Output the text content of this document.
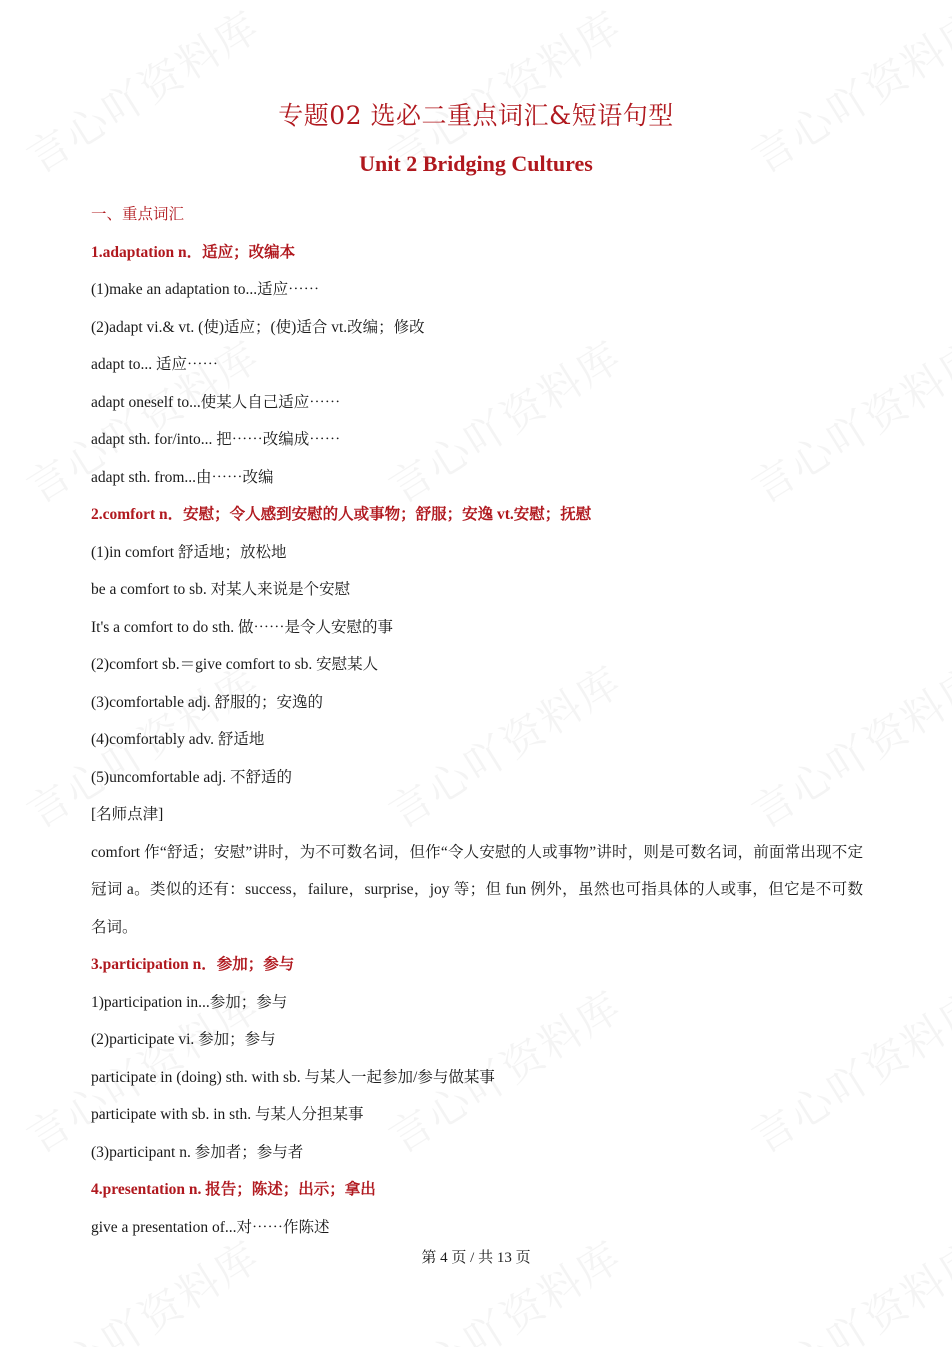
专题02 选必二重点词汇&短语句型
Unit 2 Bridging Cultures
一、重点词汇
1.adaptation n．适应；改编本
(1)make an adaptation to...适应⋯⋯
(2)adapt vi.& vt. (使)适应；(使)适合 vt.改编；修改
adapt to... 适应⋯⋯
adapt oneself to...使某人自己适应⋯⋯
adapt sth. for/into... 把⋯⋯改编成⋯⋯
adapt sth. from...由⋯⋯改编
2.comfort n．安慰；令人感到安慰的人或事物；舒服；安逸 vt.安慰；抚慰
(1)in comfort 舒适地；放松地
be a comfort to sb. 对某人来说是个安慰
It's a comfort to do sth. 做⋯⋯是令人安慰的事
(2)comfort sb.＝give comfort to sb. 安慰某人
(3)comfortable adj. 舒服的；安逸的
(4)comfortably adv. 舒适地
(5)uncomfortable adj. 不舒适的
[名师点津]
comfort 作“舒适；安慰”讲时，为不可数名词，但作“令人安慰的人或事物”讲时，则是可数名词，前面常出现不定冠词 a。类似的还有：success，failure，surprise，joy 等；但 fun 例外，虽然也可指具体的人或事，但它是不可数名词。
3.participation n．参加；参与
1)participation in...参加；参与
(2)participate vi. 参加；参与
participate in (doing) sth. with sb. 与某人一起参加/参与做某事
participate with sb. in sth. 与某人分担某事
(3)participant n. 参加者；参与者
4.presentation n. 报告；陈述；出示；拿出
give a presentation of...对⋯⋯作陈述
第 4 页 / 共 13 页
